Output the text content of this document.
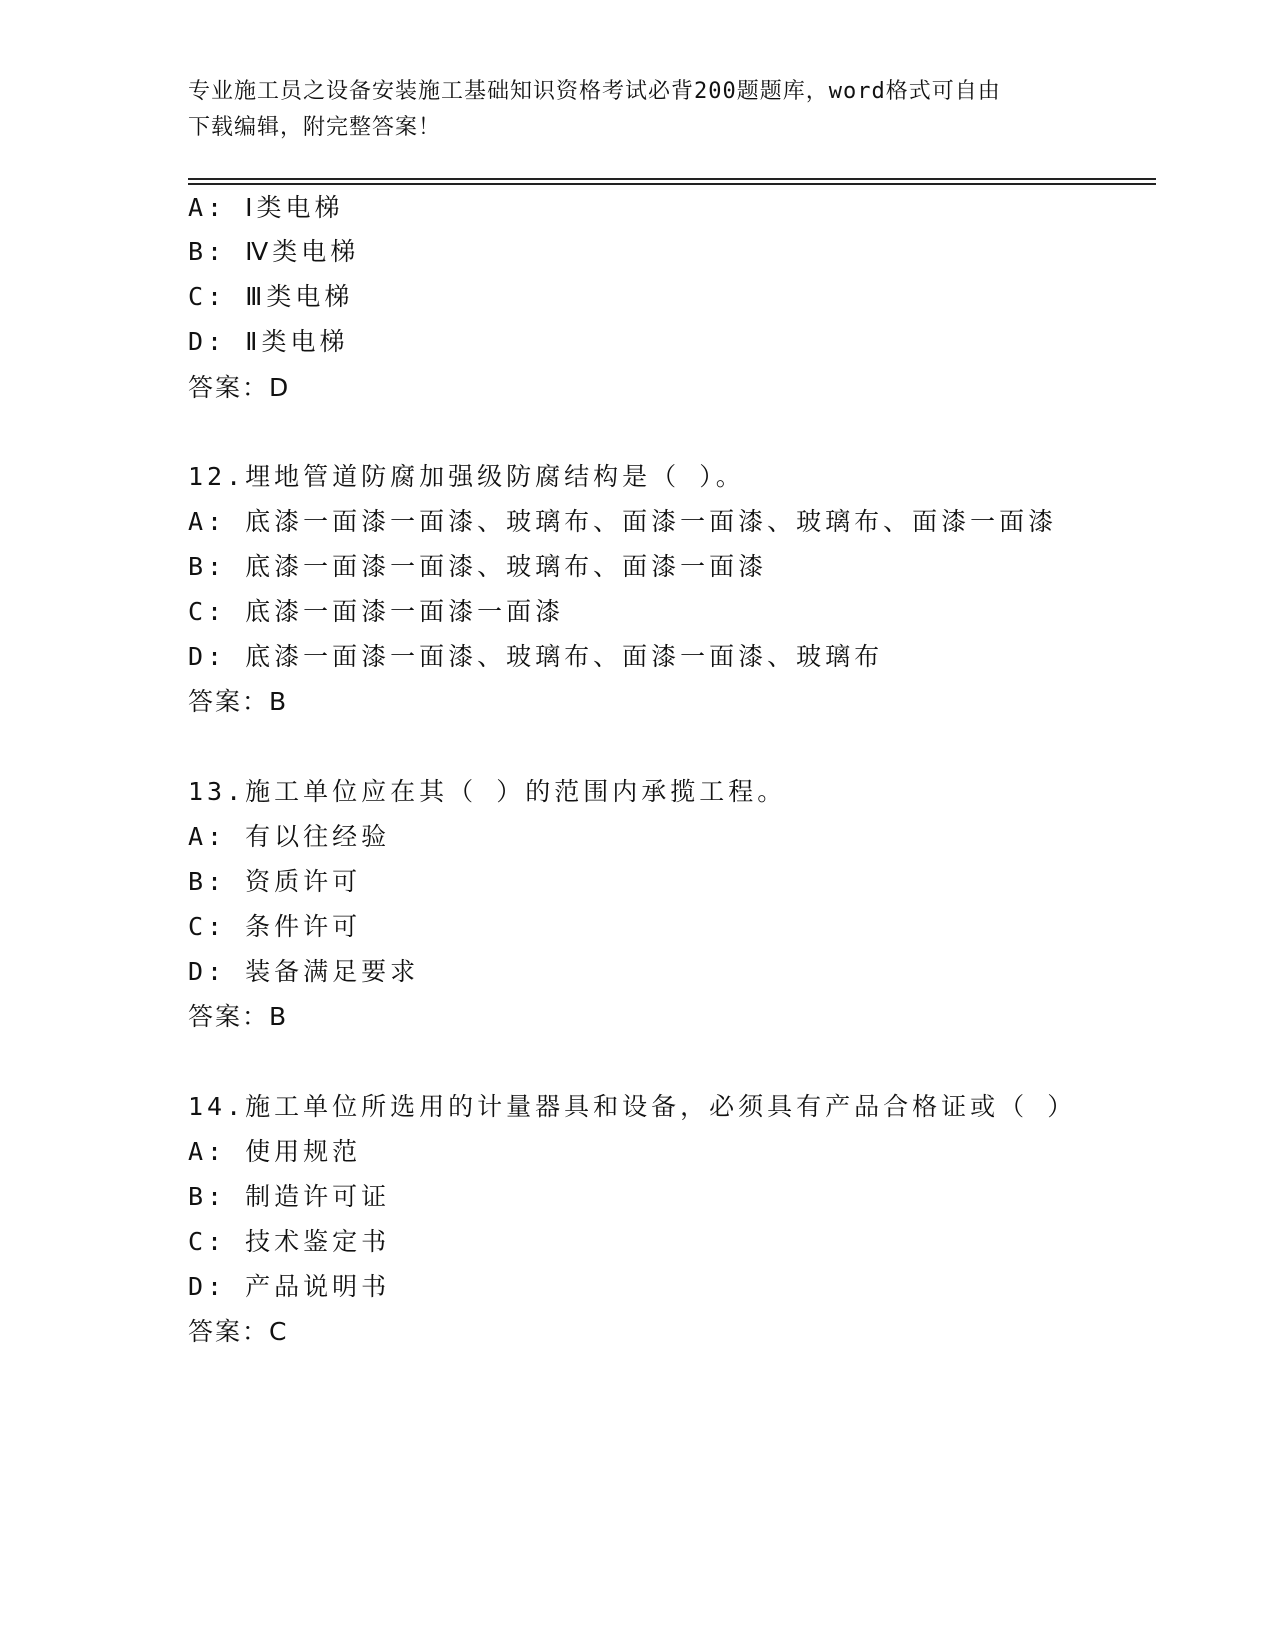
专业施工员之设备安装施工基础知识资格考试必背200题题库，word格式可自由
下载编辑，附完整答案！
A: Ⅰ类电梯
B: Ⅳ类电梯
C: Ⅲ类电梯
D: Ⅱ类电梯
答案：D
12.埋地管道防腐加强级防腐结构是（ ）。
A: 底漆一面漆一面漆、玻璃布、面漆一面漆、玻璃布、面漆一面漆
B: 底漆一面漆一面漆、玻璃布、面漆一面漆
C: 底漆一面漆一面漆一面漆
D: 底漆一面漆一面漆、玻璃布、面漆一面漆、玻璃布
答案：B
13.施工单位应在其（ ）的范围内承揽工程。
A: 有以往经验
B: 资质许可
C: 条件许可
D: 装备满足要求
答案：B
14.施工单位所选用的计量器具和设备，必须具有产品合格证或（ ）
A: 使用规范
B: 制造许可证
C: 技术鉴定书
D: 产品说明书
答案：C
